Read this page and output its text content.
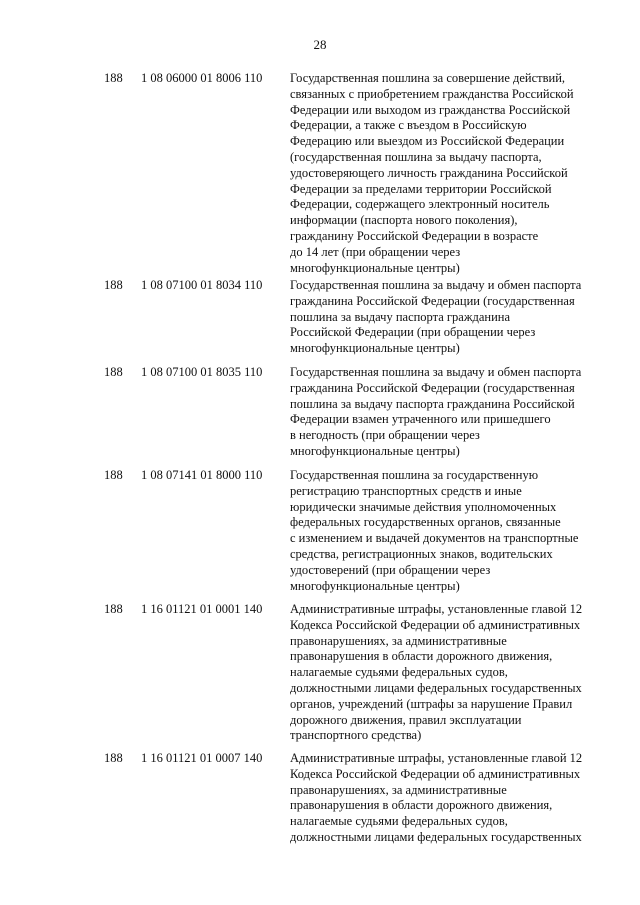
28
188 1 08 06000 01 8006 110 Государственная пошлина за совершение действий,
связанных с приобретением гражданства Российской
Федерации или выходом из гражданства Российской
Федерации, а также с въездом в Российскую
Федерацию или выездом из Российской Федерации
(государственная пошлина за выдачу паспорта,
удостоверяющего личность гражданина Российской
Федерации за пределами территории Российской
Федерации, содержащего электронный носитель
информации (паспорта нового поколения),
гражданину Российской Федерации в возрасте
до 14 лет (при обращении через
многофункциональные центры)
188 1 08 07100 01 8034 110 Государственная пошлина за выдачу и обмен паспорта
гражданина Российской Федерации (государственная
пошлина за выдачу паспорта гражданина
Российской Федерации (при обращении через
многофункциональные центры)
188 1 08 07100 01 8035 110 Государственная пошлина за выдачу и обмен паспорта
гражданина Российской Федерации (государственная
пошлина за выдачу паспорта гражданина Российской
Федерации взамен утраченного или пришедшего
в негодность (при обращении через
многофункциональные центры)
188 1 08 07141 01 8000 110 Государственная пошлина за государственную
регистрацию транспортных средств и иные
юридически значимые действия уполномоченных
федеральных государственных органов, связанные
с изменением и выдачей документов на транспортные
средства, регистрационных знаков, водительских
удостоверений (при обращении через
многофункциональные центры)
188 1 16 01121 01 0001 140 Административные штрафы, установленные главой 12
Кодекса Российской Федерации об административных
правонарушениях, за административные
правонарушения в области дорожного движения,
налагаемые судьями федеральных судов,
должностными лицами федеральных государственных
органов, учреждений (штрафы за нарушение Правил
дорожного движения, правил эксплуатации
транспортного средства)
188 1 16 01121 01 0007 140 Административные штрафы, установленные главой 12
Кодекса Российской Федерации об административных
правонарушениях, за административные
правонарушения в области дорожного движения,
налагаемые судьями федеральных судов,
должностными лицами федеральных государственных
